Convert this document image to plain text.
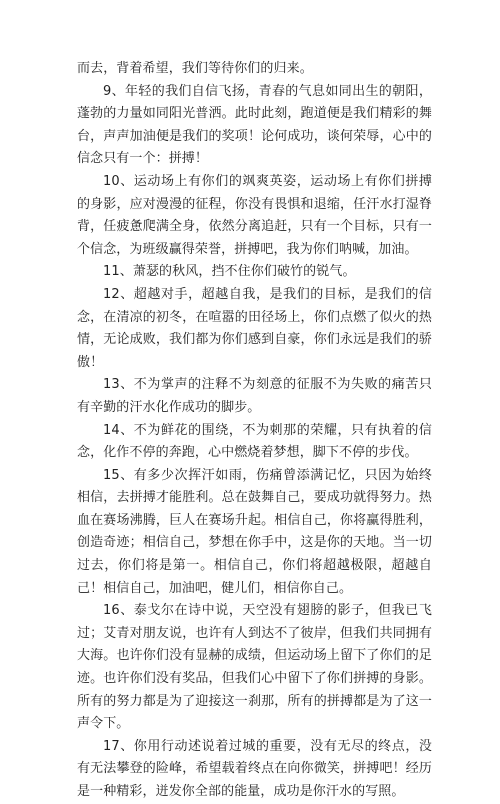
而去，背着希望，我们等待你们的归来。

9、年轻的我们自信飞扬，青春的气息如同出生的朝阳，蓬勃的力量如同阳光普洒。此时此刻，跑道便是我们精彩的舞台，声声加油便是我们的奖项！论何成功，谈何荣辱，心中的信念只有一个：拼搏！

10、运动场上有你们的飒爽英姿，运动场上有你们拼搏的身影，应对漫漫的征程，你没有畏惧和退缩，任汗水打湿脊背，任疲惫爬满全身，依然分离追赶，只有一个目标，只有一个信念，为班级赢得荣誉，拼搏吧，我为你们呐喊，加油。

11、萧瑟的秋风，挡不住你们破竹的锐气。

12、超越对手，超越自我，是我们的目标，是我们的信念，在清凉的初冬，在喧嚣的田径场上，你们点燃了似火的热情，无论成败，我们都为你们感到自豪，你们永远是我们的骄傲！

13、不为掌声的注释不为刻意的征服不为失败的痛苦只有辛勤的汗水化作成功的脚步。

14、不为鲜花的围绕，不为刺那的荣耀，只有执着的信念，化作不停的奔跑，心中燃烧着梦想，脚下不停的步伐。

15、有多少次挥汗如雨，伤痛曾添满记忆，只因为始终相信，去拼搏才能胜利。总在鼓舞自己，要成功就得努力。热血在赛场沸腾，巨人在赛场升起。相信自己，你将赢得胜利，创造奇迹；相信自己，梦想在你手中，这是你的天地。当一切过去，你们将是第一。相信自己，你们将超越极限，超越自己！相信自己，加油吧，健儿们，相信你自己。

16、泰戈尔在诗中说，天空没有翅膀的影子，但我已飞过；艾青对朋友说，也许有人到达不了彼岸，但我们共同拥有大海。也许你们没有显赫的成绩，但运动场上留下了你们的足迹。也许你们没有奖品，但我们心中留下了你们拼搏的身影。所有的努力都是为了迎接这一刹那，所有的拼搏都是为了这一声令下。

17、你用行动述说着过城的重要，没有无尽的终点，没有无法攀登的险峰，希望载着终点在向你微笑，拼搏吧！经历是一种精彩，迸发你全部的能量，成功是你汗水的写照。
